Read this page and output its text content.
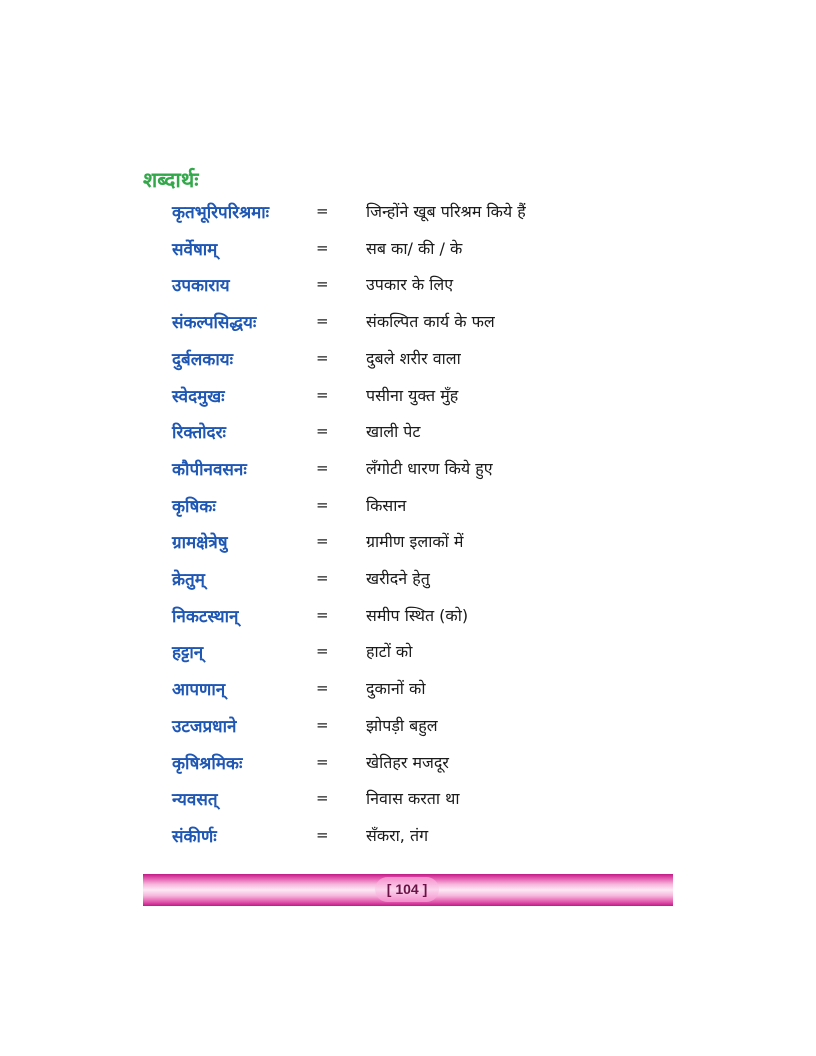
शब्दार्थः
कृतभूरिपरिश्रमाः	= जिन्होंने खूब परिश्रम किये हैं
सर्वेषाम्	= सब का/ की / के
उपकाराय	= उपकार के लिए
संकल्पसिद्धयः	= संकल्पित कार्य के फल
दुर्बलकायः	= दुबले शरीर वाला
स्वेदमुखः	= पसीना युक्त मुँह
रिक्तोदरः	= खाली पेट
कौपीनवसनः	= लँगोटी धारण किये हुए
कृषिकः	= किसान
ग्रामक्षेत्रेषु	= ग्रामीण इलाकों में
क्रेतुम्	= खरीदने हेतु
निकटस्थान्	= समीप स्थित (को)
हट्टान्	= हाटों को
आपणान्	= दुकानों को
उटजप्रधाने	= झोपड़ी बहुल
कृषिश्रमिकः	= खेतिहर मजदूर
न्यवसत्	= निवास करता था
संकीर्णः	= सँकरा, तंग
[ 104 ]
